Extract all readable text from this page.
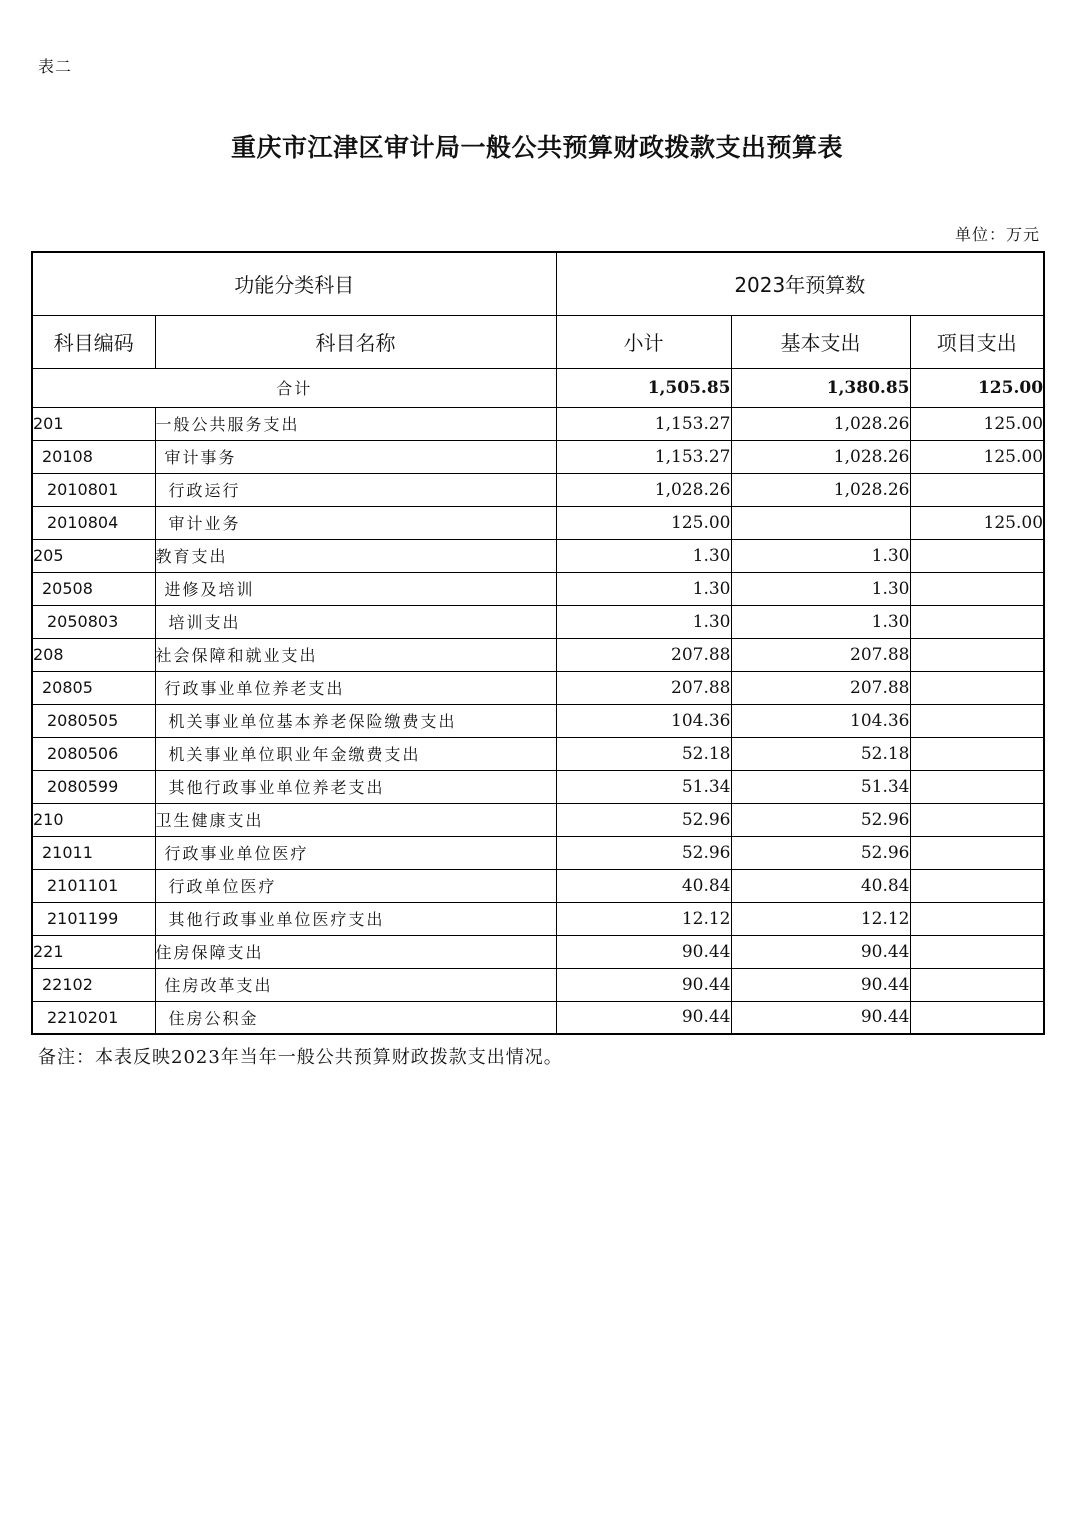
表二
重庆市江津区审计局一般公共预算财政拨款支出预算表
单位：万元
功能分类科目		2023年预算数		
科目编码	科目名称	小计	基本支出	项目支出
合计		1,505.85	1,380.85	125.00
201	一般公共服务支出	1,153.27	1,028.26	125.00
20108	审计事务	1,153.27	1,028.26	125.00
2010801	行政运行	1,028.26	1,028.26	
2010804	审计业务	125.00		125.00
205	教育支出	1.30	1.30	
20508	进修及培训	1.30	1.30	
2050803	培训支出	1.30	1.30	
208	社会保障和就业支出	207.88	207.88	
20805	行政事业单位养老支出	207.88	207.88	
2080505	机关事业单位基本养老保险缴费支出	104.36	104.36	
2080506	机关事业单位职业年金缴费支出	52.18	52.18	
2080599	其他行政事业单位养老支出	51.34	51.34	
210	卫生健康支出	52.96	52.96	
21011	行政事业单位医疗	52.96	52.96	
2101101	行政单位医疗	40.84	40.84	
2101199	其他行政事业单位医疗支出	12.12	12.12	
221	住房保障支出	90.44	90.44	
22102	住房改革支出	90.44	90.44	
2210201	住房公积金	90.44	90.44	
备注：本表反映2023年当年一般公共预算财政拨款支出情况。
